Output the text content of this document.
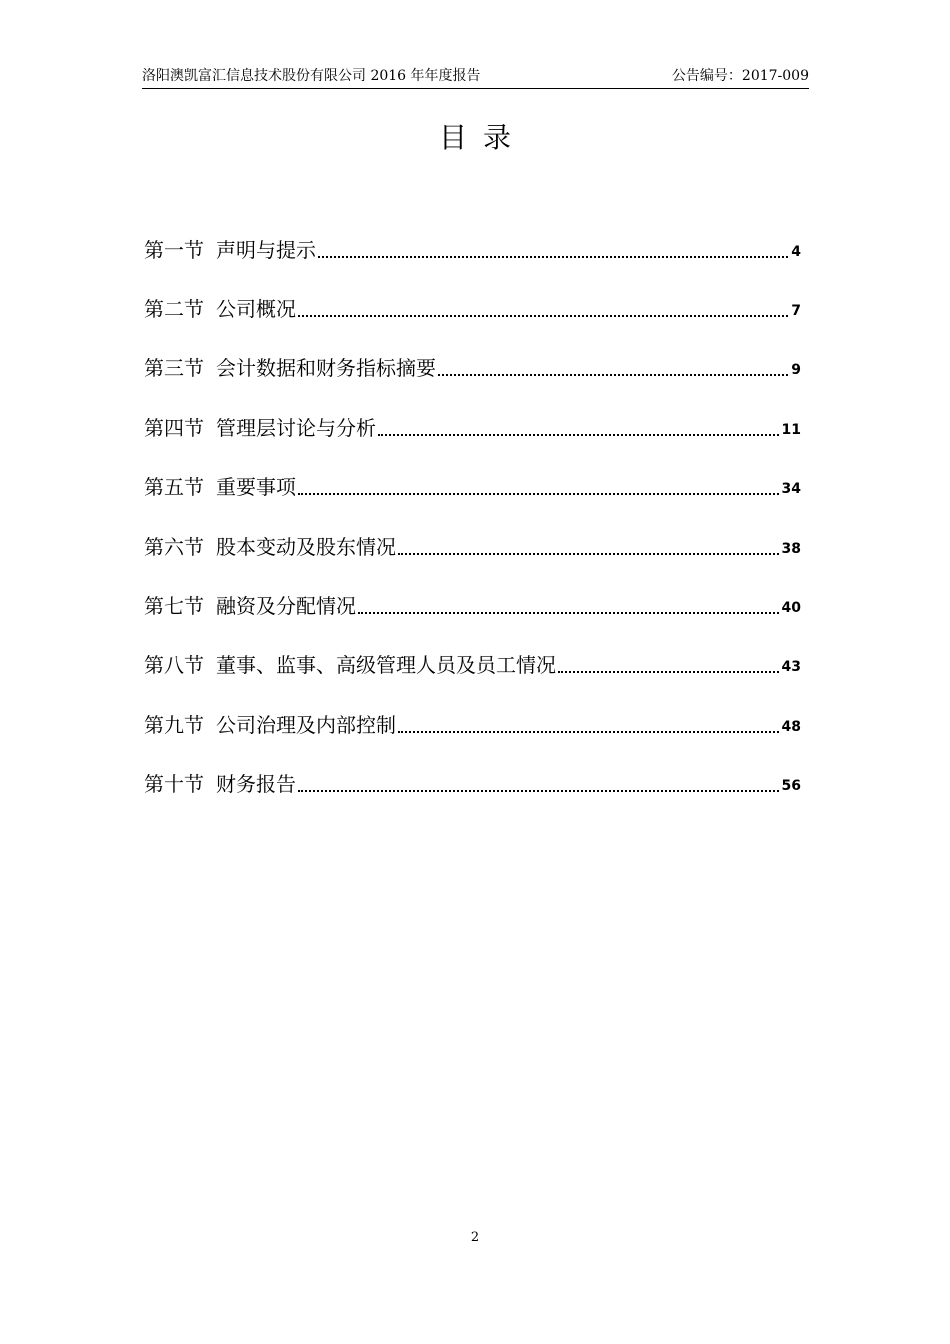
洛阳澳凯富汇信息技术股份有限公司 2016 年年度报告	公告编号：2017-009
目录
第一节 声明与提示	4
第二节 公司概况	7
第三节 会计数据和财务指标摘要	9
第四节 管理层讨论与分析	11
第五节 重要事项	34
第六节 股本变动及股东情况	38
第七节 融资及分配情况	40
第八节 董事、监事、高级管理人员及员工情况	43
第九节 公司治理及内部控制	48
第十节 财务报告	56
2
